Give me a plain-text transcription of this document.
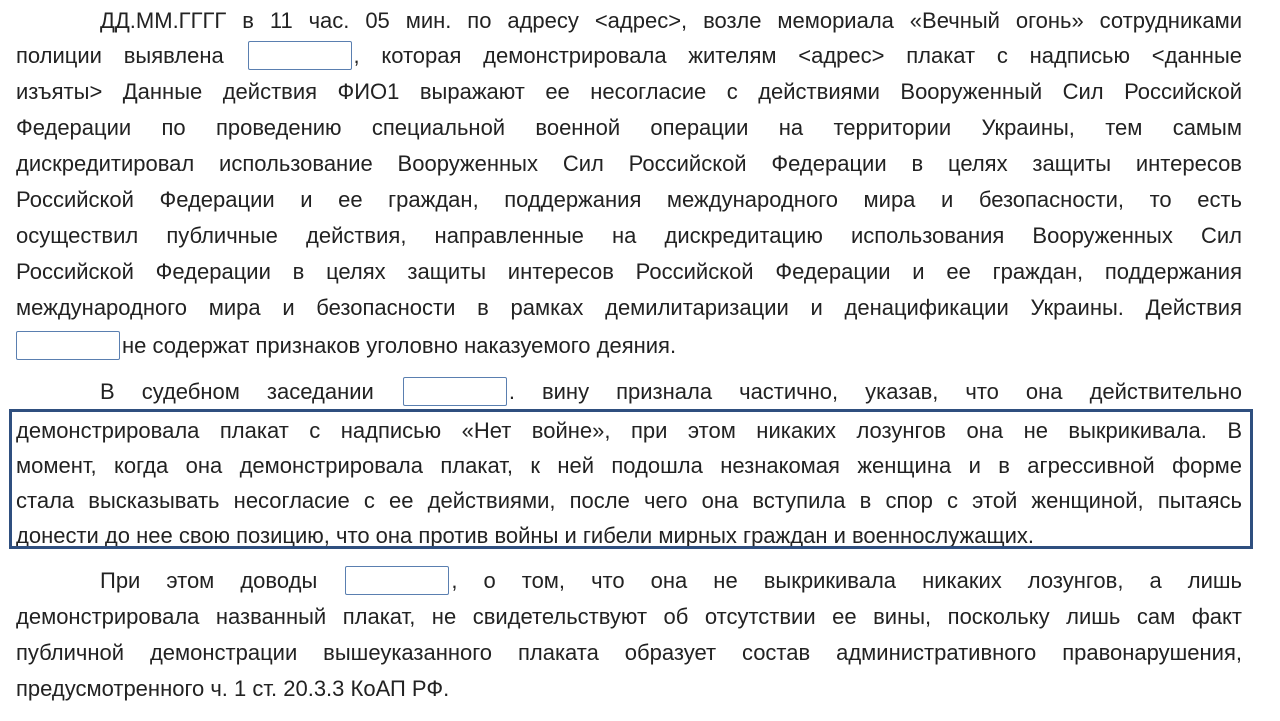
ДД.ММ.ГГГГ в 11 час. 05 мин. по адресу <адрес>, возле мемориала «Вечный огонь» сотрудниками
полиции выявлена	, которая демонстрировала жителям <адрес> плакат с надписью <данные
изъяты> Данные действия ФИО1 выражают ее несогласие с действиями Вооруженный Сил Российской
Федерации по проведению специальной военной операции на территории Украины, тем самым
дискредитировал использование Вооруженных Сил Российской Федерации в целях защиты интересов
Российской Федерации и ее граждан, поддержания международного мира и безопасности, то есть
осуществил публичные действия, направленные на дискредитацию использования Вооруженных Сил
Российской Федерации в целях защиты интересов Российской Федерации и ее граждан, поддержания
международного мира и безопасности в рамках демилитаризации и денацификации Украины. Действия
не содержат признаков уголовно наказуемого деяния.
В судебном заседании	. вину признала частично, указав, что она действительно
демонстрировала плакат с надписью «Нет войне», при этом никаких лозунгов она не выкрикивала. В
момент, когда она демонстрировала плакат, к ней подошла незнакомая женщина и в агрессивной форме
стала высказывать несогласие с ее действиями, после чего она вступила в спор с этой женщиной, пытаясь
донести до нее свою позицию, что она против войны и гибели мирных граждан и военнослужащих.
При этом доводы	, о том, что она не выкрикивала никаких лозунгов, а лишь
демонстрировала названный плакат, не свидетельствуют об отсутствии ее вины, поскольку лишь сам факт
публичной демонстрации вышеуказанного плаката образует состав административного правонарушения,
предусмотренного ч. 1 ст. 20.3.3 КоАП РФ.
